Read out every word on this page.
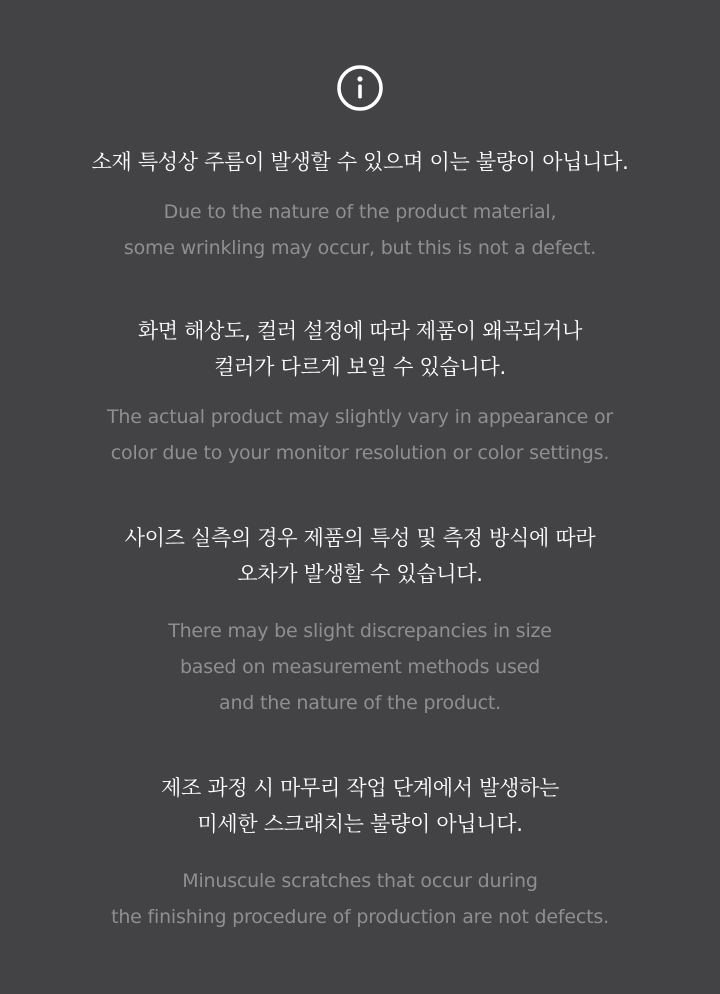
소재 특성상 주름이 발생할 수 있으며 이는 불량이 아닙니다.

Due to the nature of the product material,
some wrinkling may occur, but this is not a defect.

화면 해상도, 컬러 설정에 따라 제품이 왜곡되거나
컬러가 다르게 보일 수 있습니다.

The actual product may slightly vary in appearance or
color due to your monitor resolution or color settings.

사이즈 실측의 경우 제품의 특성 및 측정 방식에 따라
오차가 발생할 수 있습니다.

There may be slight discrepancies in size
based on measurement methods used
and the nature of the product.

제조 과정 시 마무리 작업 단계에서 발생하는
미세한 스크래치는 불량이 아닙니다.

Minuscule scratches that occur during
the finishing procedure of production are not defects.
